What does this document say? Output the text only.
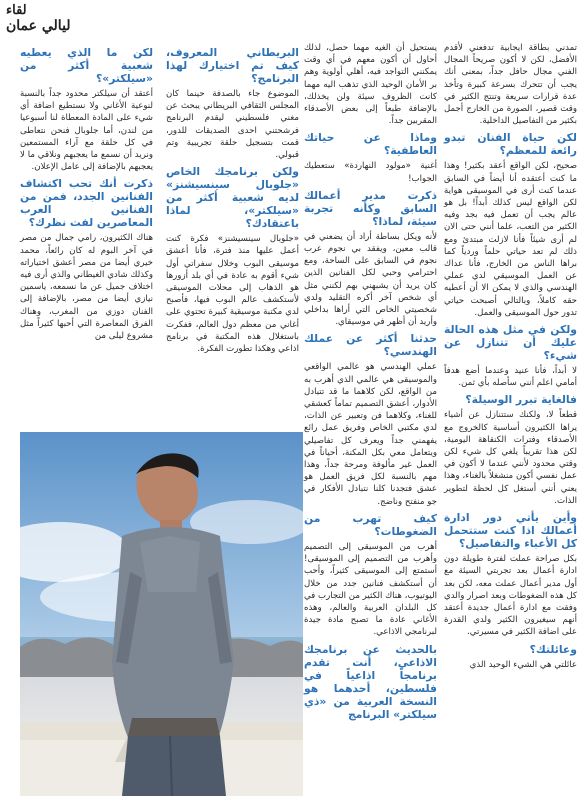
لقاء
ليالي عمان
تمدني بطاقة ايجابية تدفعني لأقدم الأفضل، لكن لا أكون صريحاً المجال الفني مجال حافل جداً، بمعنى أنك يجب أن تتحرك بسرعة كبيرة وتأخذ عدة قرارات سريعة وتنتج الكثير في وقت قصير، الصورة من الخارج أجمل بكثير من التفاصيل الداخلية.
لكن حياة الفنان تبدو رائعة للمعظم؟
صحيح، لكن الواقع أعقد بكثير! وهذا ما كنت أعتقده أنا أيضاً في السابق عندما كنت أرى في الموسيقى هواية لكن الواقع ليس كذلك أبداً! بل هو عالم يجب أن تعمل فيه بجد وفيه الكثير من التعب، علما أنني حتى الان لم أرى شيئاً فأنا لازلت مبتدئ ومع ذلك لم تعد حياتي حلماً وردياً كما براها الناس من الخارج، فأنا عداك عن العمل الموسيقي لدي عملي الهندسي والذي لا يمكن الا أن أعطيه حقه كاملاً، وبالتالي أصبحت حياتي تدور حول الموسيقى والعمل.
ولكن في مثل هذه الحالة عليك أن تتنازل عن شيء؟
لا أبداً، فأنا عنيد وعندما أضع هدفاً أمامي اعلم أنني سأصله بأي ثمن.
فالغاية تبرر الوسيلة؟
قطعاً لا، ولكنك ستتنازل عن أشياء يراها الكثيرون أساسية كالخروج مع الأصدقاء وفترات الكنقاهة اليومية، لكن هذا تقريباً يلغي كل شيء لكن وقتي محدود لأنني عندما لا أكون في عمل نفسي أكون منشغلاً بالغناء، وهذا يعني أنني أستغل كل لحظة لتطوير الذات.
وأين يأتي دور ادارة أعمالك اذا كنت ستتحمل كل الأعباء والتفاصيل؟
بكل صراحة عملت لفترة طويلة دون ادارة أعمال بعد تجربتي السيئة مع أول مدير أعمال عملت معه، لكن بعد كل هذه الضغوطات وبعد اصرار والدي وفقت مع ادارة أعمال جديدة أعتقد أنهم سيغيرون الكثير ولدي القدرة على اضافة الكثير في مسيرتي.
وعائلتك؟
عائلتي هي الشيء الوحيد الذي
يستحيل أن الغيه مهما حصل، لذلك أحاول أن أكون معهم في أي وقت يمكنني التواجد فيه، أهلي أولوية وهم بر الأمان الوحيد الذي تذهب اليه مهما كانت الظروف سيئة ولن يخذلك، بالإضافة طبعاً إلى بعض الأصدقاء المقربين جداً.
وماذا عن حياتك العاطفية؟
أغنية «مولود النهاردة» ستعطيك الجواب!
ذكرت مدير أعمالك السابق وكأنه تجربة سيئة، لماذا؟
لأنه ويكل بساطة أراد أن يضعني في قالب معين، ويفقد بي نجوم عرب نجوم في السابق على الساحة، ومع احترامي وحبي لكل الفنانين الذين كان يريد أن يشبهني بهم لكنني مثل أي شخص آخر أكره التقليد ولدي شخصيتي الخاص التي أراها بداخلي وأريد أن أظهر في موسيقاي.
حدثنا أكثر عن عملك الهندسي؟
عملي الهندسي هو عالمي الواقعي والموسيقى هي عالمي الذي أهرب به من الواقع، لكن كلاهما ما قد تتبادل الأدوار، أعشق التصميم تماماً كعشقي للغناء، وكلاهما فن وتعبير عن الذات، لدي مكتبي الخاص وفريق عمل رائع يفهمني جداً ويعرف كل تفاصيلي ويتعامل معي بكل المكنة، أحياناً في العمل غير مألوفة ومرحة جداً، وهذا مهم بالنسبة لكل فريق العمل هو عشق فتجدنا كلنا نتبادل الأفكار في جو منفتح وناضج.
كيف تهرب من الضغوطات؟
أهرب من الموسيقى إلى التصميم وأهرب من التصميم إلى الموسيقى! أستمتع إلى الموسيقى كثيراً، وأحب أن أستكشف فنانين جدد من خلال اليوتيوب، هناك الكثير من التجارب في كل البلدان العربية والعالم، وهذه الأغاني عادة ما تصبح مادة جيدة لبرنامجي الاذاعي.
بالحديث عن برنامجك الاذاعي، أنت تقدم برنامجاً اذاعياً في فلسطين، أحدهما هو النسخة العربية من «ذي سيلكتر» البرنامج
البريطاني المعروف، كيف تم اختيارك لهذا البرنامج؟
الموضوع جاء بالصدفة حينما كان المجلس الثقافي البريطاني يبحث عن مغني فلسطيني ليقدم البرنامج فرشحتني احدى الصديقات للدور، قمت بتسجيل حلقة تجريبية وتم قبولي.
ولكن برنامجك الخاص «جلوبال سينسيشنز» لديه شعبية أكثر من «سيلكتر»، لماذا باعتقادك؟
«جلوبال سينسيشنز» فكرة كنت أعمل عليها منذ فترة، فأنا أعشق موسيقى البوب وخلال سفراتي أول شيء أقوم به عادة في أي بلد أزورها هو الذهاب إلى محلات الموسيقى لأستكشف عالم البوب فيها، فأصبح لدي مكتبة موسيقية كبيرة تحتوي على أغاني من معظم دول العالم، ففكرت باستغلال هذه المكتبة في برنامج اذاعي وهكذا تطورت الفكرة.
لكن ما الذي يعطيه شعبية أكثر من «سيلكتر»؟
أعتقد أن سيلكتر محدود جداً بالنسبة لنوعية الأغاني ولا نستطيع اضافة أي شيء على المادة المعطاة لنا أسبوعيا من لندن، أما جلوبال فنحن نتعاطى في كل حلقة مع آراء المستمعين ونريد أن نسمع ما يعجبهم ونلاقي ما لا يعجبهم بالإضافة إلى عامل الإعلان.
ذكرت أنك تحب اكتشاف الفنانين الجدد، فمن من الفنانين العرب المعاصرين لفت نظرك؟
هناك الكثيرون، رامي جمال من مصر في آخر البوم له كان رائعاً، محمد خيري أيضا من مصر أعشق اختياراته وكذلك شادي الغيطاني والذي أرى فيه اختلاف جميل عن ما نسمعه، ياسمين نيازي أيضا من مصر، بالإضافة إلى الفنان دوزي من المغرب، وهناك الفرق المعاصرة التي أحبها كثيراً مثل مشروع ليلى من
